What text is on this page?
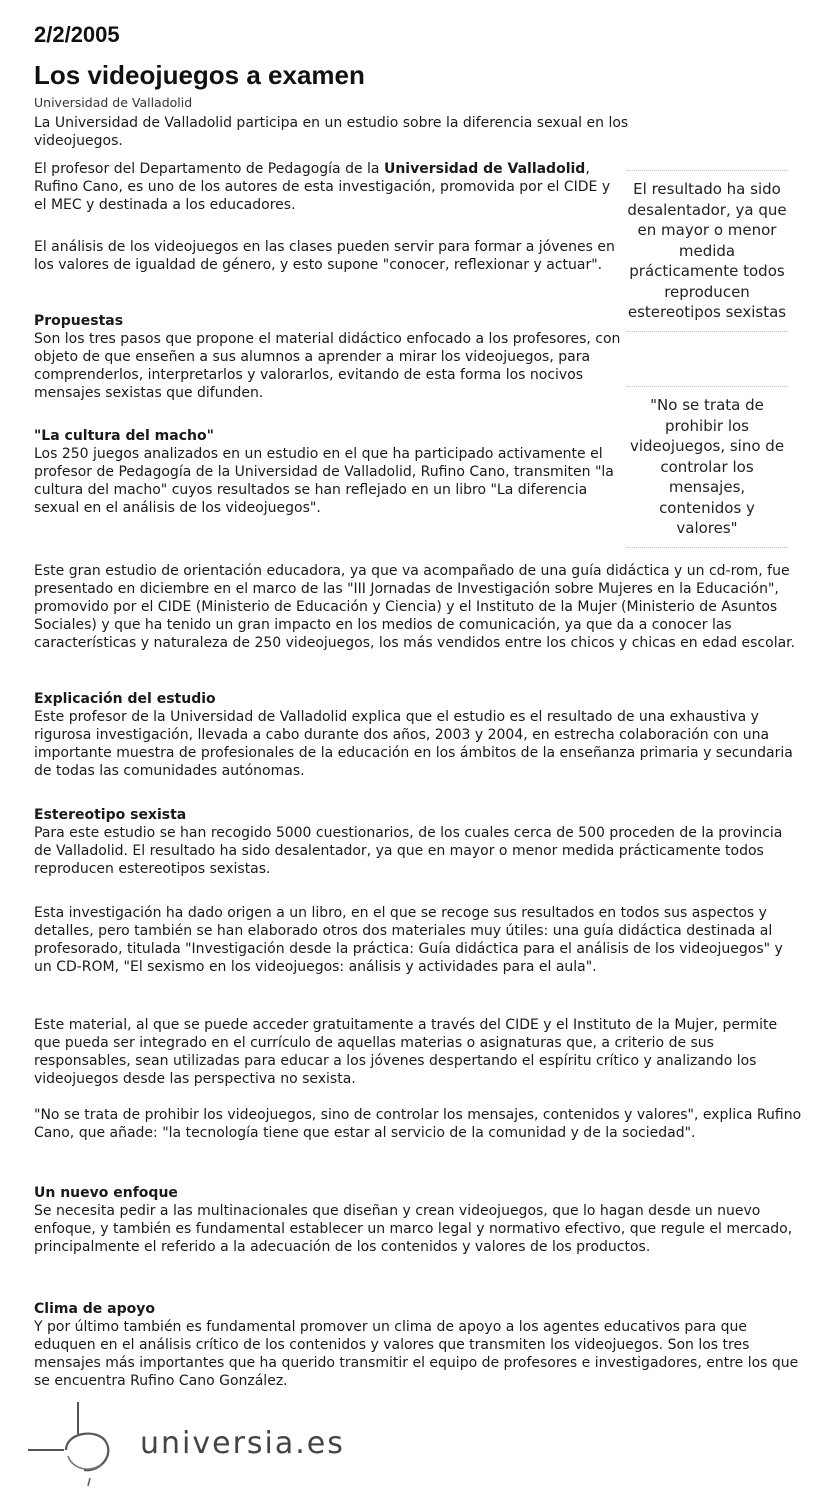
2/2/2005
Los videojuegos a examen
Universidad de Valladolid

La Universidad de Valladolid participa en un estudio sobre la diferencia sexual en los videojuegos.

El profesor del Departamento de Pedagogía de la Universidad de Valladolid, Rufino Cano, es uno de los autores de esta investigación, promovida por el CIDE y el MEC y destinada a los educadores.

El análisis de los videojuegos en las clases pueden servir para formar a jóvenes en los valores de igualdad de género, y esto supone "conocer, reflexionar y actuar".

Propuestas

Son los tres pasos que propone el material didáctico enfocado a los profesores, con objeto de que enseñen a sus alumnos a aprender a mirar los videojuegos, para comprenderlos, interpretarlos y valorarlos, evitando de esta forma los nocivos mensajes sexistas que difunden.

"La cultura del macho"

Los 250 juegos analizados en un estudio en el que ha participado activamente el profesor de Pedagogía de la Universidad de Valladolid, Rufino Cano, transmiten "la cultura del macho" cuyos resultados se han reflejado en un libro "La diferencia sexual en el análisis de los videojuegos".

El resultado ha sido desalentador, ya que en mayor o menor medida prácticamente todos reproducen estereotipos sexistas
"No se trata de prohibir los videojuegos, sino de controlar los mensajes, contenidos y valores"

Este gran estudio de orientación educadora, ya que va acompañado de una guía didáctica y un cd-rom, fue presentado en diciembre en el marco de las "III Jornadas de Investigación sobre Mujeres en la Educación", promovido por el CIDE (Ministerio de Educación y Ciencia) y el Instituto de la Mujer (Ministerio de Asuntos Sociales) y que ha tenido un gran impacto en los medios de comunicación, ya que da a conocer las características y naturaleza de 250 videojuegos, los más vendidos entre los chicos y chicas en edad escolar.

Explicación del estudio

Este profesor de la Universidad de Valladolid explica que el estudio es el resultado de una exhaustiva y rigurosa investigación, llevada a cabo durante dos años, 2003 y 2004, en estrecha colaboración con una importante muestra de profesionales de la educación en los ámbitos de la enseñanza primaria y secundaria de todas las comunidades autónomas.

Estereotipo sexista

Para este estudio se han recogido 5000 cuestionarios, de los cuales cerca de 500 proceden de la provincia de Valladolid. El resultado ha sido desalentador, ya que en mayor o menor medida prácticamente todos reproducen estereotipos sexistas.

Esta investigación ha dado origen a un libro, en el que se recoge sus resultados en todos sus aspectos y detalles, pero también se han elaborado otros dos materiales muy útiles: una guía didáctica destinada al profesorado, titulada "Investigación desde la práctica: Guía didáctica para el análisis de los videojuegos" y un CD-ROM, "El sexismo en los videojuegos: análisis y actividades para el aula".

Este material, al que se puede acceder gratuitamente a través del CIDE y el Instituto de la Mujer, permite que pueda ser integrado en el currículo de aquellas materias o asignaturas que, a criterio de sus responsables, sean utilizadas para educar a los jóvenes despertando el espíritu crítico y analizando los videojuegos desde las perspectiva no sexista.

"No se trata de prohibir los videojuegos, sino de controlar los mensajes, contenidos y valores", explica Rufino Cano, que añade: "la tecnología tiene que estar al servicio de la comunidad y de la sociedad".

Un nuevo enfoque

Se necesita pedir a las multinacionales que diseñan y crean videojuegos, que lo hagan desde un nuevo enfoque, y también es fundamental establecer un marco legal y normativo efectivo, que regule el mercado, principalmente el referido a la adecuación de los contenidos y valores de los productos.

Clima de apoyo

Y por último también es fundamental promover un clima de apoyo a los agentes educativos para que eduquen en el análisis crítico de los contenidos y valores que transmiten los videojuegos. Son los tres mensajes más importantes que ha querido transmitir el equipo de profesores e investigadores, entre los que se encuentra Rufino Cano González.

universia.es
